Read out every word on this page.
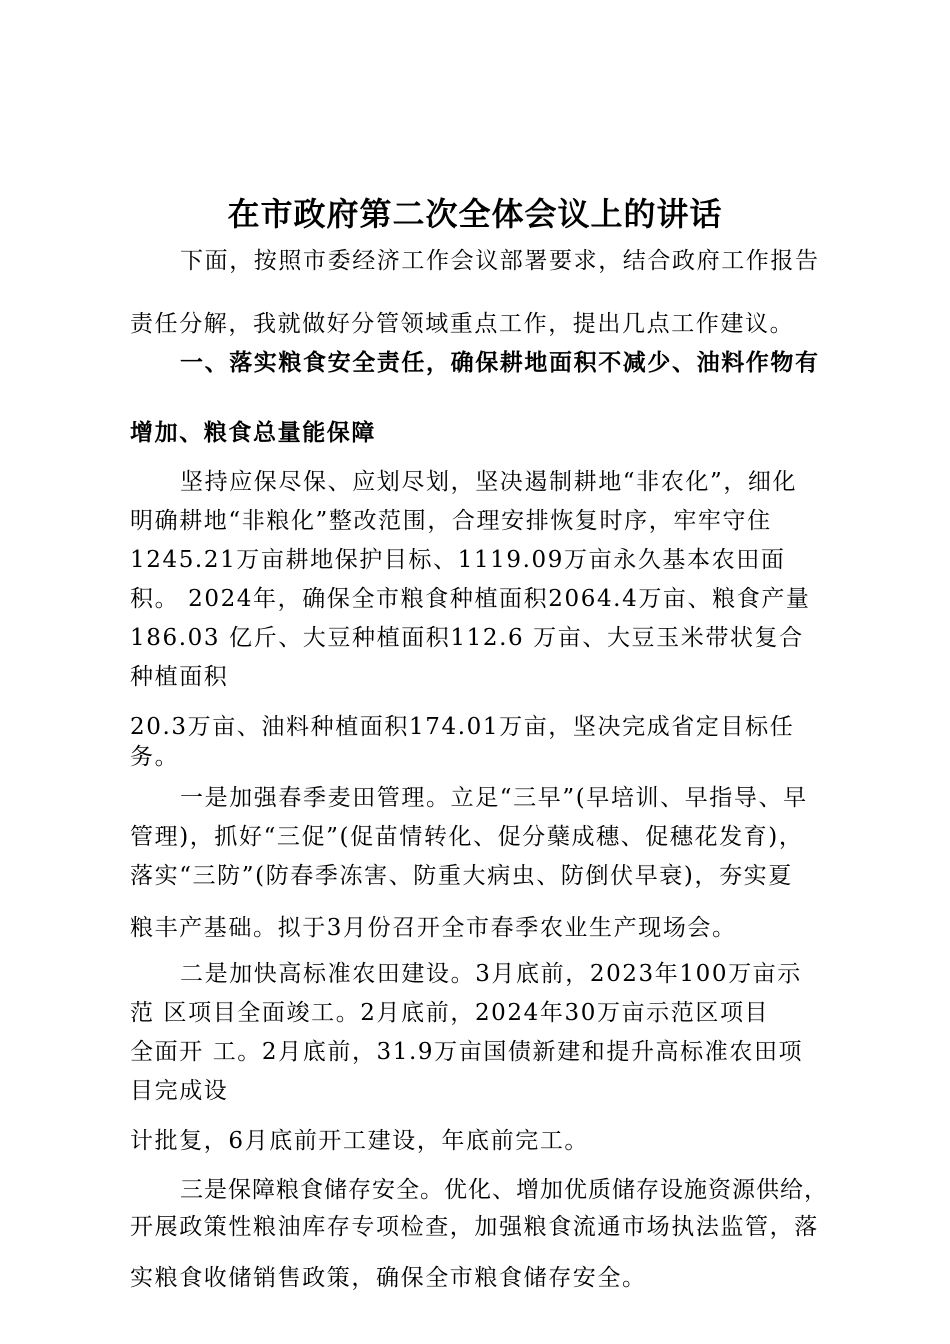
在市政府第二次全体会议上的讲话
下面，按照市委经济工作会议部署要求，结合政府工作报告
责任分解，我就做好分管领域重点工作，提出几点工作建议。
一、落实粮食安全责任，确保耕地面积不减少、油料作物有
增加、粮食总量能保障
坚持应保尽保、应划尽划，坚决遏制耕地“非农化”，细化
明确耕地“非粮化”整改范围，合理安排恢复时序，牢牢守住
1245.21万亩耕地保护目标、1119.09万亩永久基本农田面
积。 2024年，确保全市粮食种植面积2064.4万亩、粮食产量
186.03 亿斤、大豆种植面积112.6 万亩、大豆玉米带状复合
种植面积
20.3万亩、油料种植面积174.01万亩，坚决完成省定目标任
务。
一是加强春季麦田管理。立足“三早”(早培训、早指导、早
管理)，抓好“三促”(促苗情转化、促分蘖成穗、促穗花发育)，
落实“三防”(防春季冻害、防重大病虫、防倒伏早衰)，夯实夏
粮丰产基础。拟于3月份召开全市春季农业生产现场会。
二是加快高标准农田建设。3月底前，2023年100万亩示
范 区项目全面竣工。2月底前，2024年30万亩示范区项目
全面开 工。2月底前，31.9万亩国债新建和提升高标准农田项
目完成设
计批复，6月底前开工建设，年底前完工。
三是保障粮食储存安全。优化、增加优质储存设施资源供给，
开展政策性粮油库存专项检查，加强粮食流通市场执法监管，落
实粮食收储销售政策，确保全市粮食储存安全。
